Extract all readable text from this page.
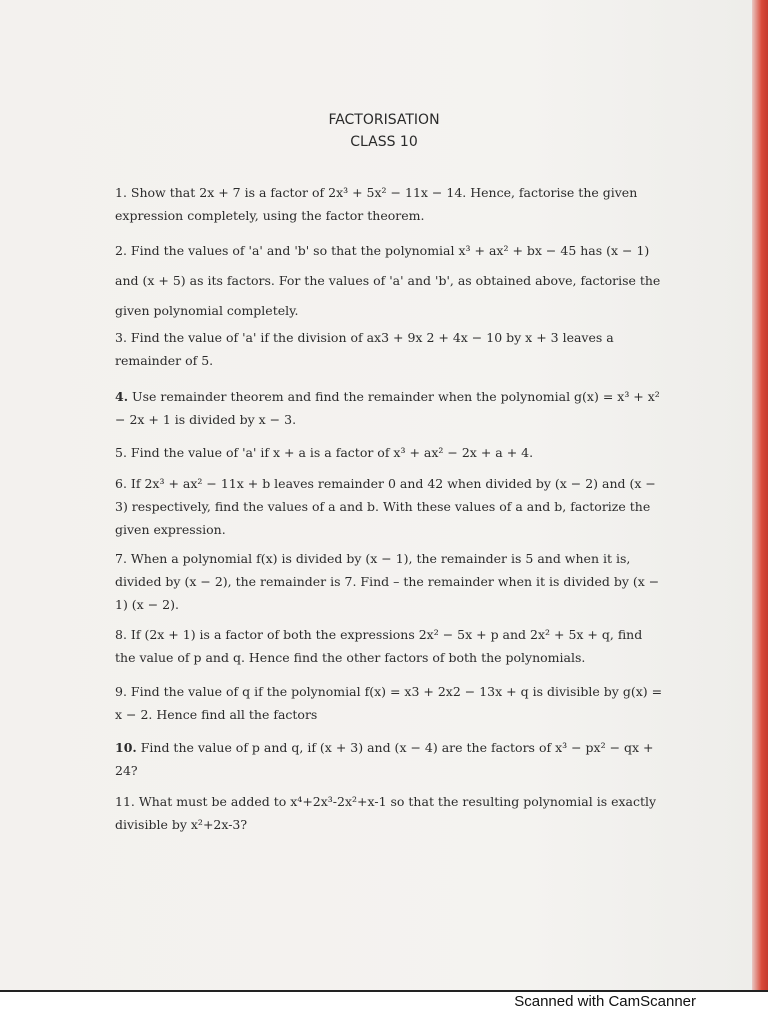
FACTORISATION
CLASS 10

1. Show that 2x + 7 is a factor of 2x³ + 5x² − 11x − 14. Hence, factorise the given expression completely, using the factor theorem.

2. Find the values of 'a' and 'b' so that the polynomial x³ + ax² + bx − 45 has (x − 1) and (x + 5) as its factors. For the values of 'a' and 'b', as obtained above, factorise the given polynomial completely.

3. Find the value of 'a' if the division of ax3 + 9x 2 + 4x − 10 by x + 3 leaves a remainder of 5.

4. Use remainder theorem and find the remainder when the polynomial g(x) = x³ + x² − 2x + 1 is divided by x − 3.

5. Find the value of 'a' if x + a is a factor of x³ + ax² − 2x + a + 4.

6. If 2x³ + ax² − 11x + b leaves remainder 0 and 42 when divided by (x − 2) and (x − 3) respectively, find the values of a and b. With these values of a and b, factorize the given expression.

7. When a polynomial f(x) is divided by (x − 1), the remainder is 5 and when it is, divided by (x − 2), the remainder is 7. Find – the remainder when it is divided by (x − 1) (x − 2).

8. If (2x + 1) is a factor of both the expressions 2x² − 5x + p and 2x² + 5x + q, find the value of p and q. Hence find the other factors of both the polynomials.

9. Find the value of q if the polynomial f(x) = x3 + 2x2 − 13x + q is divisible by g(x) = x − 2. Hence find all the factors

10. Find the value of p and q, if (x + 3) and (x − 4) are the factors of x³ − px² − qx + 24?

11. What must be added to x⁴+2x³-2x²+x-1 so that the resulting polynomial is exactly divisible by x²+2x-3?

Scanned with CamScanner
